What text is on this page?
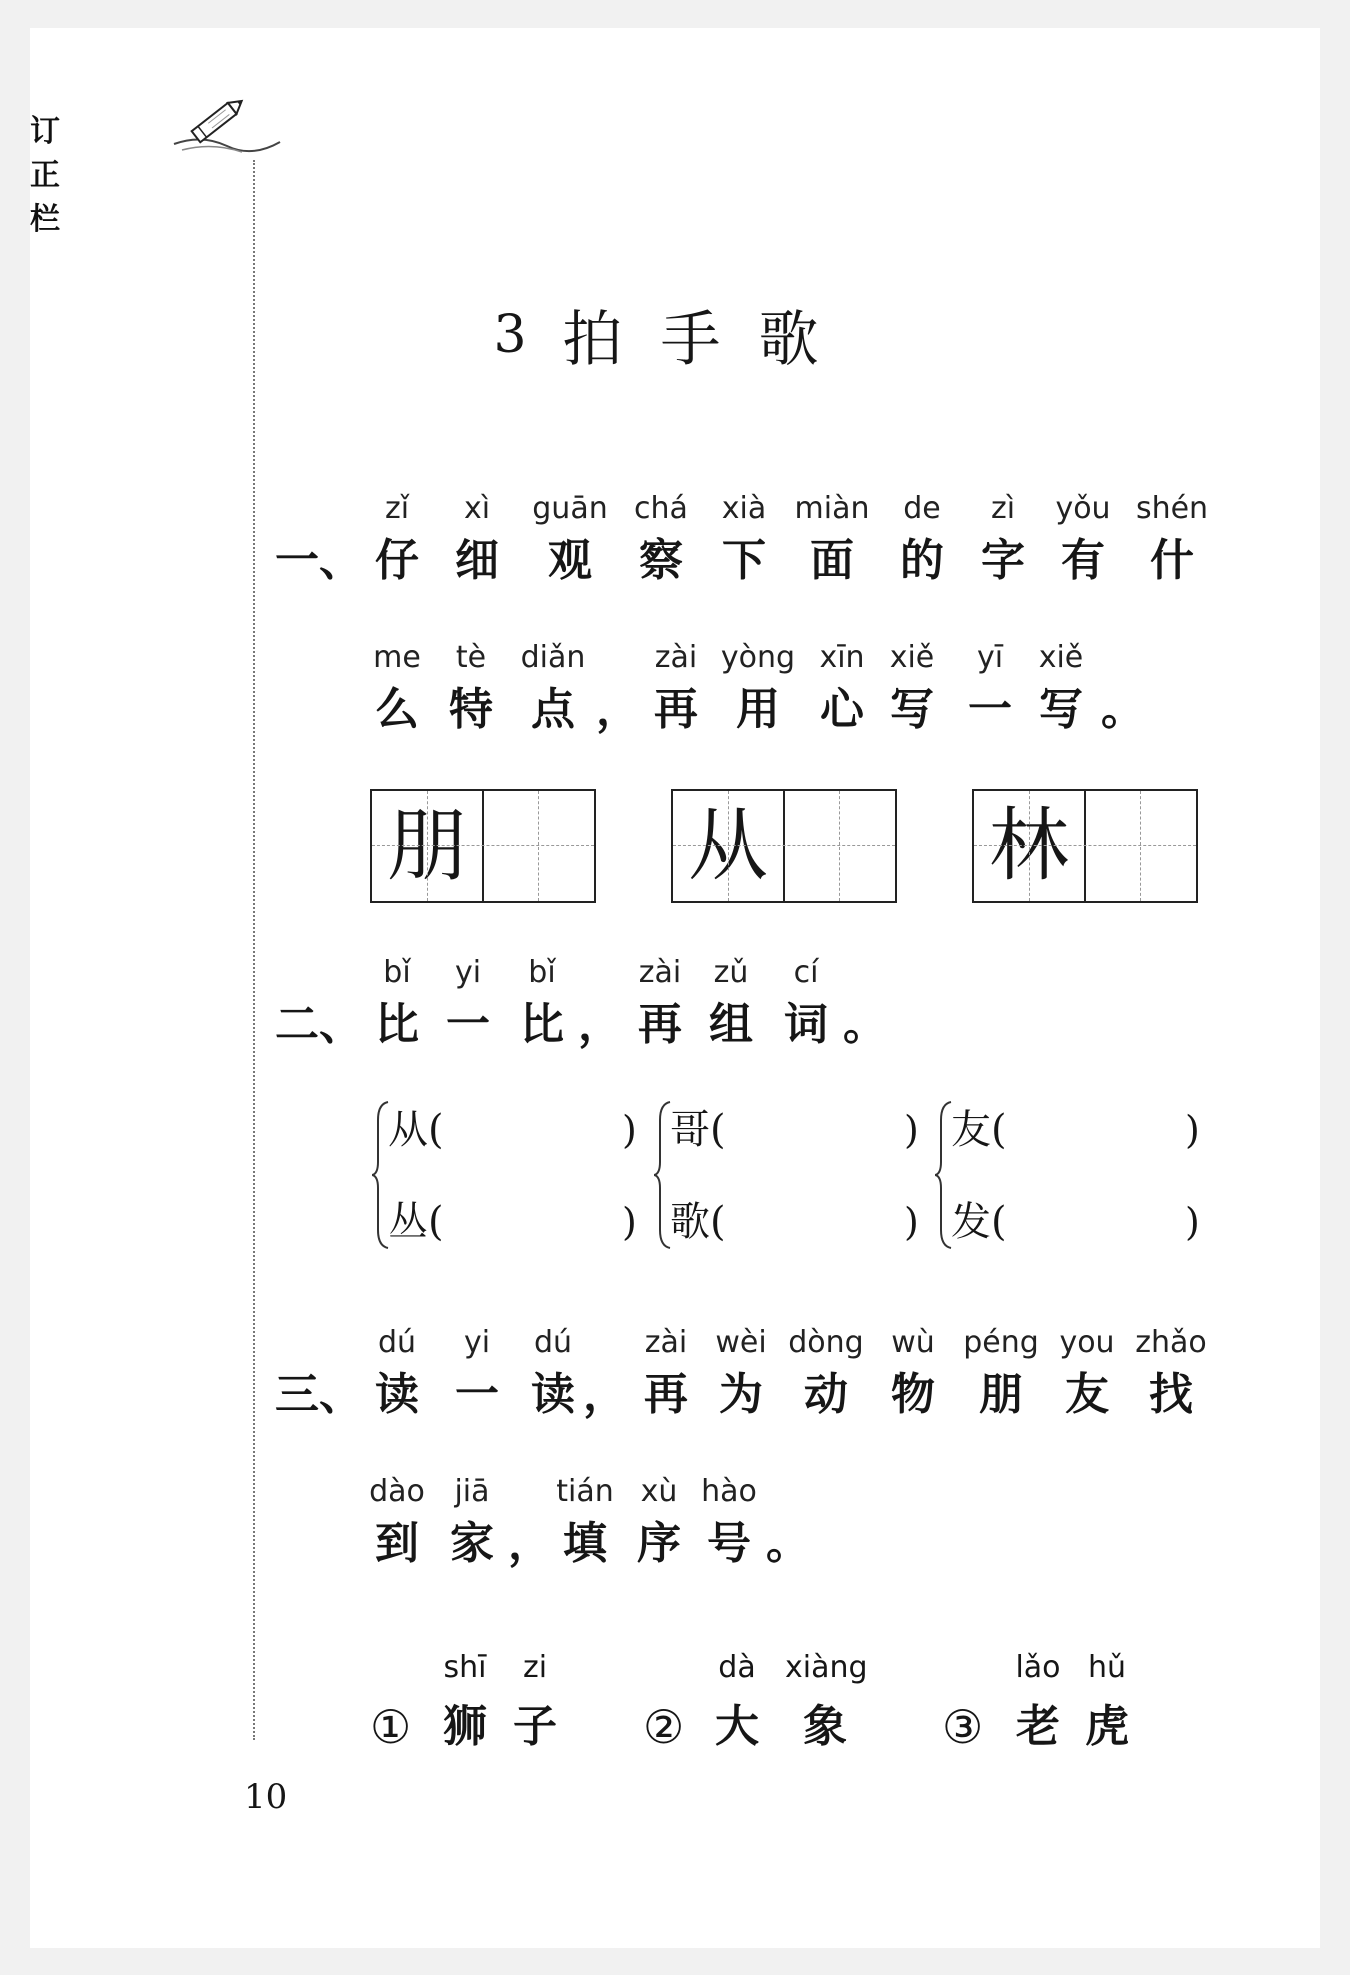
订正栏
3 拍手歌
一、
zǐ	xì	guān chá	xià miàn	de	zì	yǒu shén
仔 细	观	察 下	面	的 字 有	什
me	tè	diǎn	zài yòng xīn xiě	yī	xiě
么 特 点 ， 再 用 心 写 一 写 。
朋	从	林
二、
bǐ	yi	bǐ	zài	zǔ	cí
比 一 比 ， 再 组 词 。
从(
丛(
)
)
哥(
歌(
)
)
友(
发(
)
)
三、
dú	yi	dú	zài wèi dòng wù péng you zhǎo
读 一 读 ， 再 为 动 物	朋 友 找
dào jiā	tián xù hào
到 家 ， 填 序 号 。
①
shī	zi
狮 子	②
dà xiàng
大	象	③
lǎo hǔ
老 虎
10
